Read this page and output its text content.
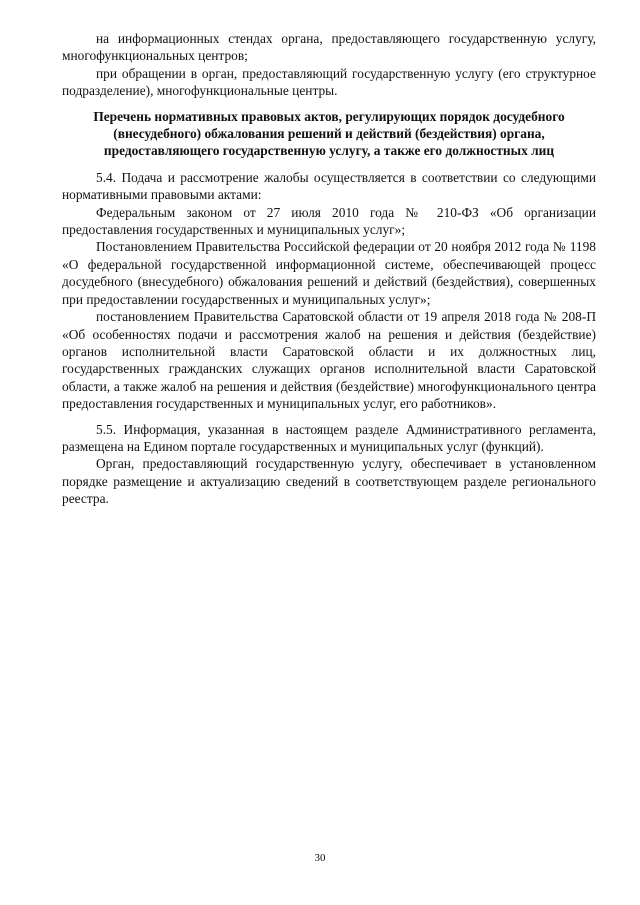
на информационных стендах органа, предоставляющего государственную услугу, многофункциональных центров;

при обращении в орган, предоставляющий государственную услугу (его структурное подразделение), многофункциональные центры.

Перечень нормативных правовых актов, регулирующих порядок досудебного (внесудебного) обжалования решений и действий (бездействия) органа, предоставляющего государственную услугу, а также его должностных лиц

5.4. Подача и рассмотрение жалобы осуществляется в соответствии со следующими нормативными правовыми актами:

Федеральным законом от 27 июля 2010 года № 210-ФЗ «Об организации предоставления государственных и муниципальных услуг»;

Постановлением Правительства Российской федерации от 20 ноября 2012 года № 1198 «О федеральной государственной информационной системе, обеспечивающей процесс досудебного (внесудебного) обжалования решений и действий (бездействия), совершенных при предоставлении государственных и муниципальных услуг»;

постановлением Правительства Саратовской области от 19 апреля 2018 года № 208-П «Об особенностях подачи и рассмотрения жалоб на решения и действия (бездействие) органов исполнительной власти Саратовской области и их должностных лиц, государственных гражданских служащих органов исполнительной власти Саратовской области, а также жалоб на решения и действия (бездействие) многофункционального центра предоставления государственных и муниципальных услуг, его работников».

5.5. Информация, указанная в настоящем разделе Административного регламента, размещена на Едином портале государственных и муниципальных услуг (функций).

Орган, предоставляющий государственную услугу, обеспечивает в установленном порядке размещение и актуализацию сведений в соответствующем разделе регионального реестра.

30
